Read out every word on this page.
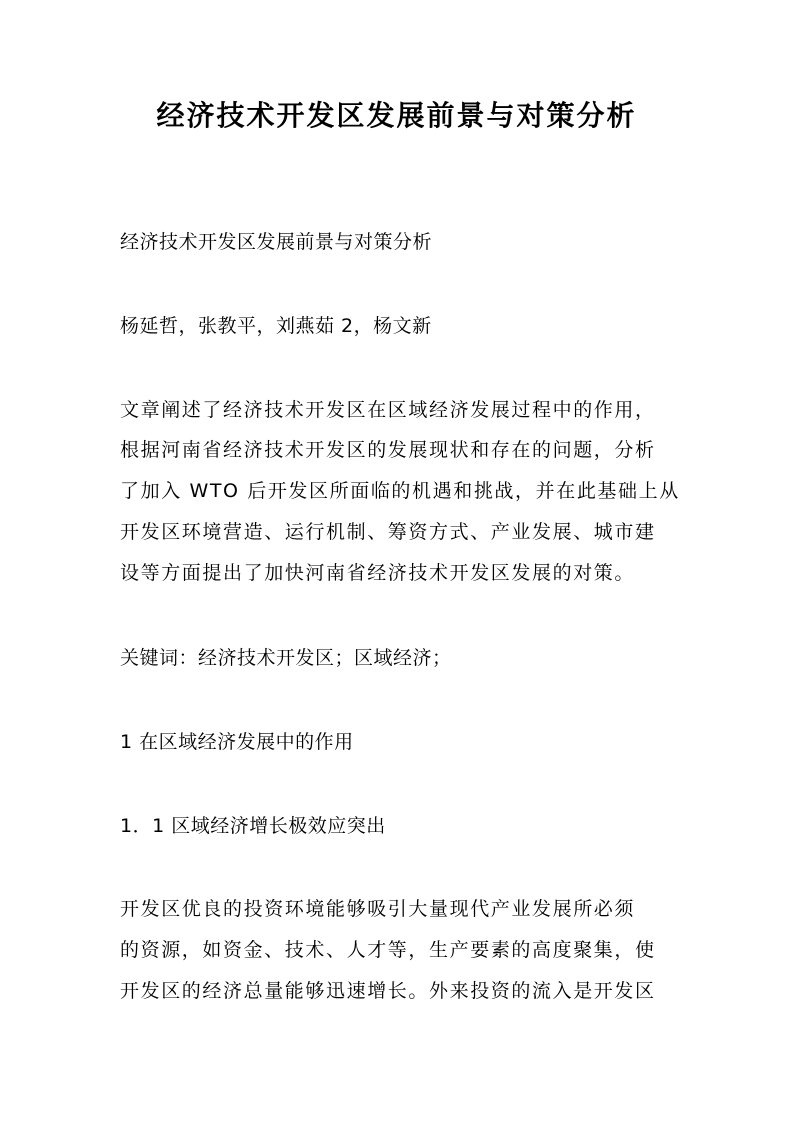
经济技术开发区发展前景与对策分析
经济技术开发区发展前景与对策分析
杨延哲，张教平，刘燕茹 2，杨文新
文章阐述了经济技术开发区在区域经济发展过程中的作用，
根据河南省经济技术开发区的发展现状和存在的问题，分析
了加入 WTO 后开发区所面临的机遇和挑战，并在此基础上从
开发区环境营造、运行机制、筹资方式、产业发展、城市建
设等方面提出了加快河南省经济技术开发区发展的对策。
关键词：经济技术开发区；区域经济；
1 在区域经济发展中的作用
1．1 区域经济增长极效应突出
开发区优良的投资环境能够吸引大量现代产业发展所必须
的资源，如资金、技术、人才等，生产要素的高度聚集，使
开发区的经济总量能够迅速增长。外来投资的流入是开发区
